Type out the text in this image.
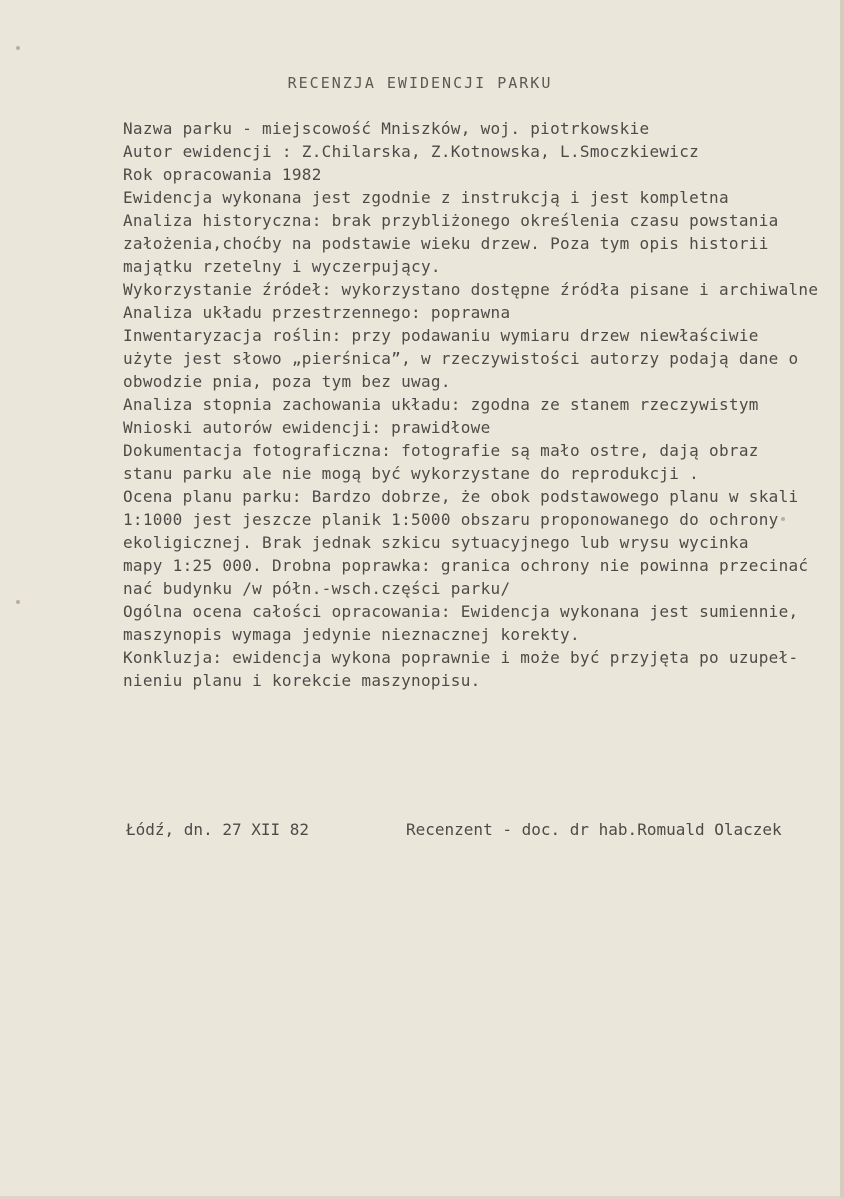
RECENZJA EWIDENCJI PARKU
Nazwa parku - miejscowość Mniszków, woj. piotrkowskie
Autor ewidencji : Z.Chilarska, Z.Kotnowska, L.Smoczkiewicz
Rok opracowania 1982
Ewidencja wykonana jest zgodnie z instrukcją i jest kompletna
Analiza historyczna: brak przybliżonego określenia czasu powstania
założenia,choćby na podstawie wieku drzew. Poza tym opis historii
majątku rzetelny i wyczerpujący.
Wykorzystanie źródeł: wykorzystano dostępne źródła pisane i archiwalne
Analiza układu przestrzennego: poprawna
Inwentaryzacja roślin: przy podawaniu wymiaru drzew niewłaściwie
użyte jest słowo „pierśnica”, w rzeczywistości autorzy podają dane o
obwodzie pnia, poza tym bez uwag.
Analiza stopnia zachowania układu: zgodna ze stanem rzeczywistym
Wnioski autorów ewidencji: prawidłowe
Dokumentacja fotograficzna: fotografie są mało ostre, dają obraz
stanu parku ale nie mogą być wykorzystane do reprodukcji .
Ocena planu parku: Bardzo dobrze, że obok podstawowego planu w skali
1:1000 jest jeszcze planik 1:5000 obszaru proponowanego do ochrony
ekoligicznej. Brak jednak szkicu sytuacyjnego lub wrysu wycinka
mapy 1:25 000. Drobna poprawka: granica ochrony nie powinna przecinać
nać budynku /w półn.-wsch.części parku/
Ogólna ocena całości opracowania: Ewidencja wykonana jest sumiennie,
maszynopis wymaga jedynie nieznacznej korekty.
Konkluzja: ewidencja wykona poprawnie i może być przyjęta po uzupeł-
nieniu planu i korekcie maszynopisu.
Łódź, dn. 27 XII 82	Recenzent - doc. dr hab.Romuald Olaczek
